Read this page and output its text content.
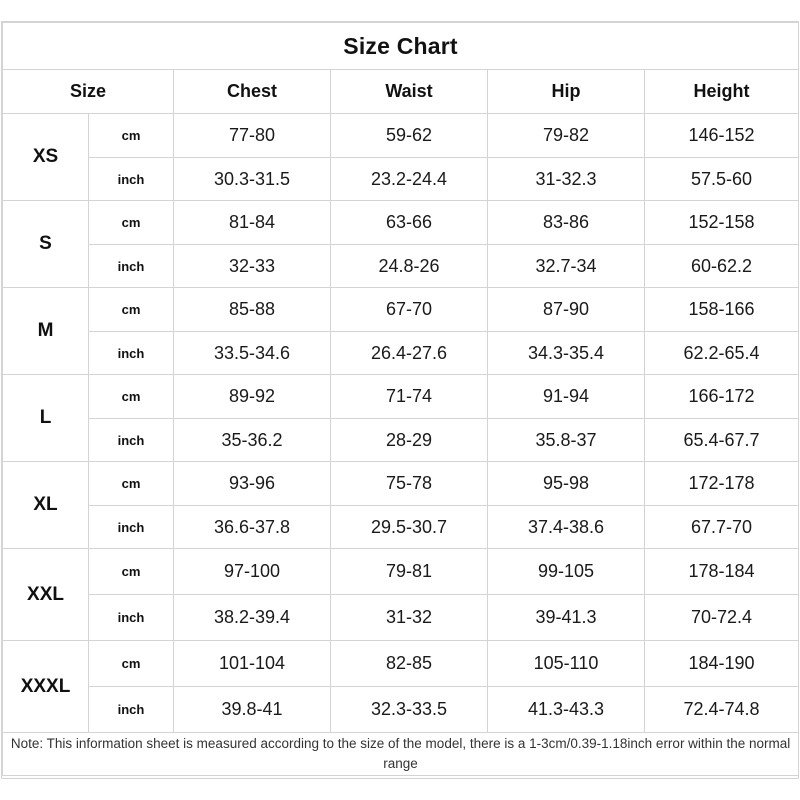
Size Chart					
Size		Chest	Waist	Hip	Height
XS	cm	77-80	59-62	79-82	146-152
	inch	30.3-31.5	23.2-24.4	31-32.3	57.5-60
S	cm	81-84	63-66	83-86	152-158
	inch	32-33	24.8-26	32.7-34	60-62.2
M	cm	85-88	67-70	87-90	158-166
	inch	33.5-34.6	26.4-27.6	34.3-35.4	62.2-65.4
L	cm	89-92	71-74	91-94	166-172
	inch	35-36.2	28-29	35.8-37	65.4-67.7
XL	cm	93-96	75-78	95-98	172-178
	inch	36.6-37.8	29.5-30.7	37.4-38.6	67.7-70
XXL	cm	97-100	79-81	99-105	178-184
	inch	38.2-39.4	31-32	39-41.3	70-72.4
XXXL	cm	101-104	82-85	105-110	184-190
	inch	39.8-41	32.3-33.5	41.3-43.3	72.4-74.8
Note: This information sheet is measured according to the size of the model, there is a 1-3cm/0.39-1.18inch error within the normal range					
